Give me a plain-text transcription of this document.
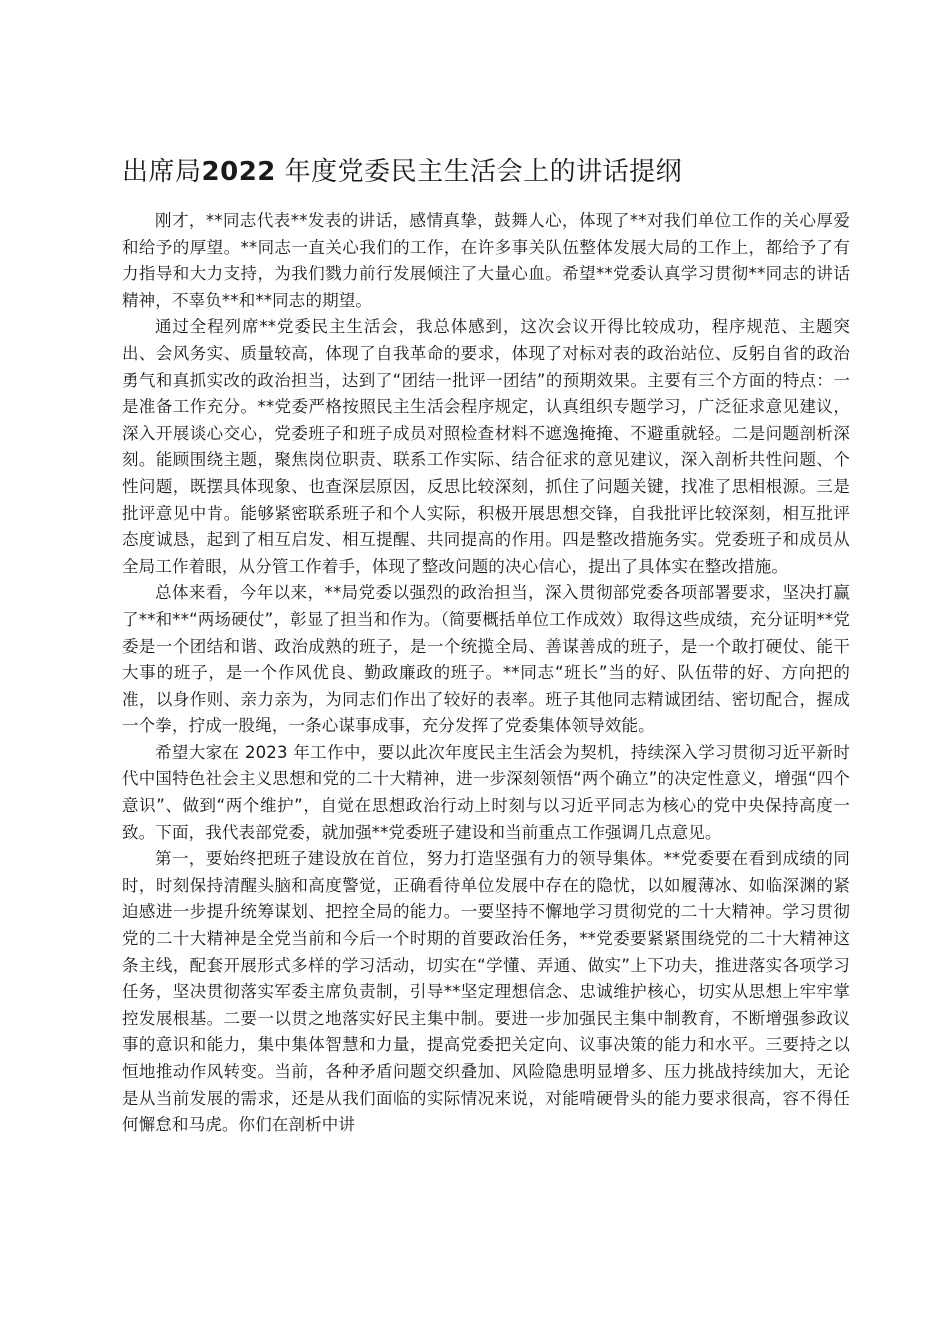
出席局2022 年度党委民主生活会上的讲话提纲

刚才，**同志代表**发表的讲话，感情真挚，鼓舞人心，体现了**对我们单位工作的关心厚爱和给予的厚望。**同志一直关心我们的工作，在许多事关队伍整体发展大局的工作上，都给予了有力指导和大力支持，为我们戮力前行发展倾注了大量心血。希望**党委认真学习贯彻**同志的讲话精神，不辜负**和**同志的期望。

通过全程列席**党委民主生活会，我总体感到，这次会议开得比较成功，程序规范、主题突出、会风务实、质量较高，体现了自我革命的要求，体现了对标对表的政治站位、反躬自省的政治勇气和真抓实改的政治担当，达到了“团结一批评一团结”的预期效果。主要有三个方面的特点：一是准备工作充分。**党委严格按照民主生活会程序规定，认真组织专题学习，广泛征求意见建议，深入开展谈心交心，党委班子和班子成员对照检查材料不遮逸掩掩、不避重就轻。二是问题剖析深刻。能顾围绕主题，聚焦岗位职责、联系工作实际、结合征求的意见建议，深入剖析共性问题、个性问题，既摆具体现象、也查深层原因，反思比较深刻，抓住了问题关键，找准了思相根源。三是批评意见中肯。能够紧密联系班子和个人实际，积极开展思想交锋，自我批评比较深刻，相互批评态度诚恳，起到了相互启发、相互提醒、共同提高的作用。四是整改措施务实。党委班子和成员从全局工作着眼，从分管工作着手，体现了整改问题的决心信心，提出了具体实在整改措施。

总体来看，今年以来，**局党委以强烈的政治担当，深入贯彻部党委各项部署要求，坚决打赢了**和**“两场硬仗”，彰显了担当和作为。（简要概括单位工作成效）取得这些成绩，充分证明**党委是一个团结和谐、政治成熟的班子，是一个统揽全局、善谋善成的班子，是一个敢打硬仗、能干大事的班子，是一个作风优良、勤政廉政的班子。**同志“班长”当的好、队伍带的好、方向把的准，以身作则、亲力亲为，为同志们作出了较好的表率。班子其他同志精诚团结、密切配合，握成一个拳，拧成一股绳，一条心谋事成事，充分发挥了党委集体领导效能。

希望大家在 2023 年工作中，要以此次年度民主生活会为契机，持续深入学习贯彻习近平新时代中国特色社会主义思想和党的二十大精神，进一步深刻领悟“两个确立”的决定性意义，增强“四个意识”、做到“两个维护”，自觉在思想政治行动上时刻与以习近平同志为核心的党中央保持高度一致。下面，我代表部党委，就加强**党委班子建设和当前重点工作强调几点意见。

第一，要始终把班子建设放在首位，努力打造坚强有力的领导集体。**党委要在看到成绩的同时，时刻保持清醒头脑和高度警觉，正确看待单位发展中存在的隐忧，以如履薄冰、如临深渊的紧迫感进一步提升统筹谋划、把控全局的能力。一要坚持不懈地学习贯彻党的二十大精神。学习贯彻党的二十大精神是全党当前和今后一个时期的首要政治任务，**党委要紧紧围绕党的二十大精神这条主线，配套开展形式多样的学习活动，切实在“学懂、弄通、做实”上下功夫，推进落实各项学习任务，坚决贯彻落实军委主席负责制，引导**坚定理想信念、忠诚维护核心，切实从思想上牢牢掌控发展根基。二要一以贯之地落实好民主集中制。要进一步加强民主集中制教育，不断增强参政议事的意识和能力，集中集体智慧和力量，提高党委把关定向、议事决策的能力和水平。三要持之以恒地推动作风转变。当前，各种矛盾问题交织叠加、风险隐患明显增多、压力挑战持续加大，无论是从当前发展的需求，还是从我们面临的实际情况来说，对能啃硬骨头的能力要求很高，容不得任何懈怠和马虎。你们在剖析中讲
